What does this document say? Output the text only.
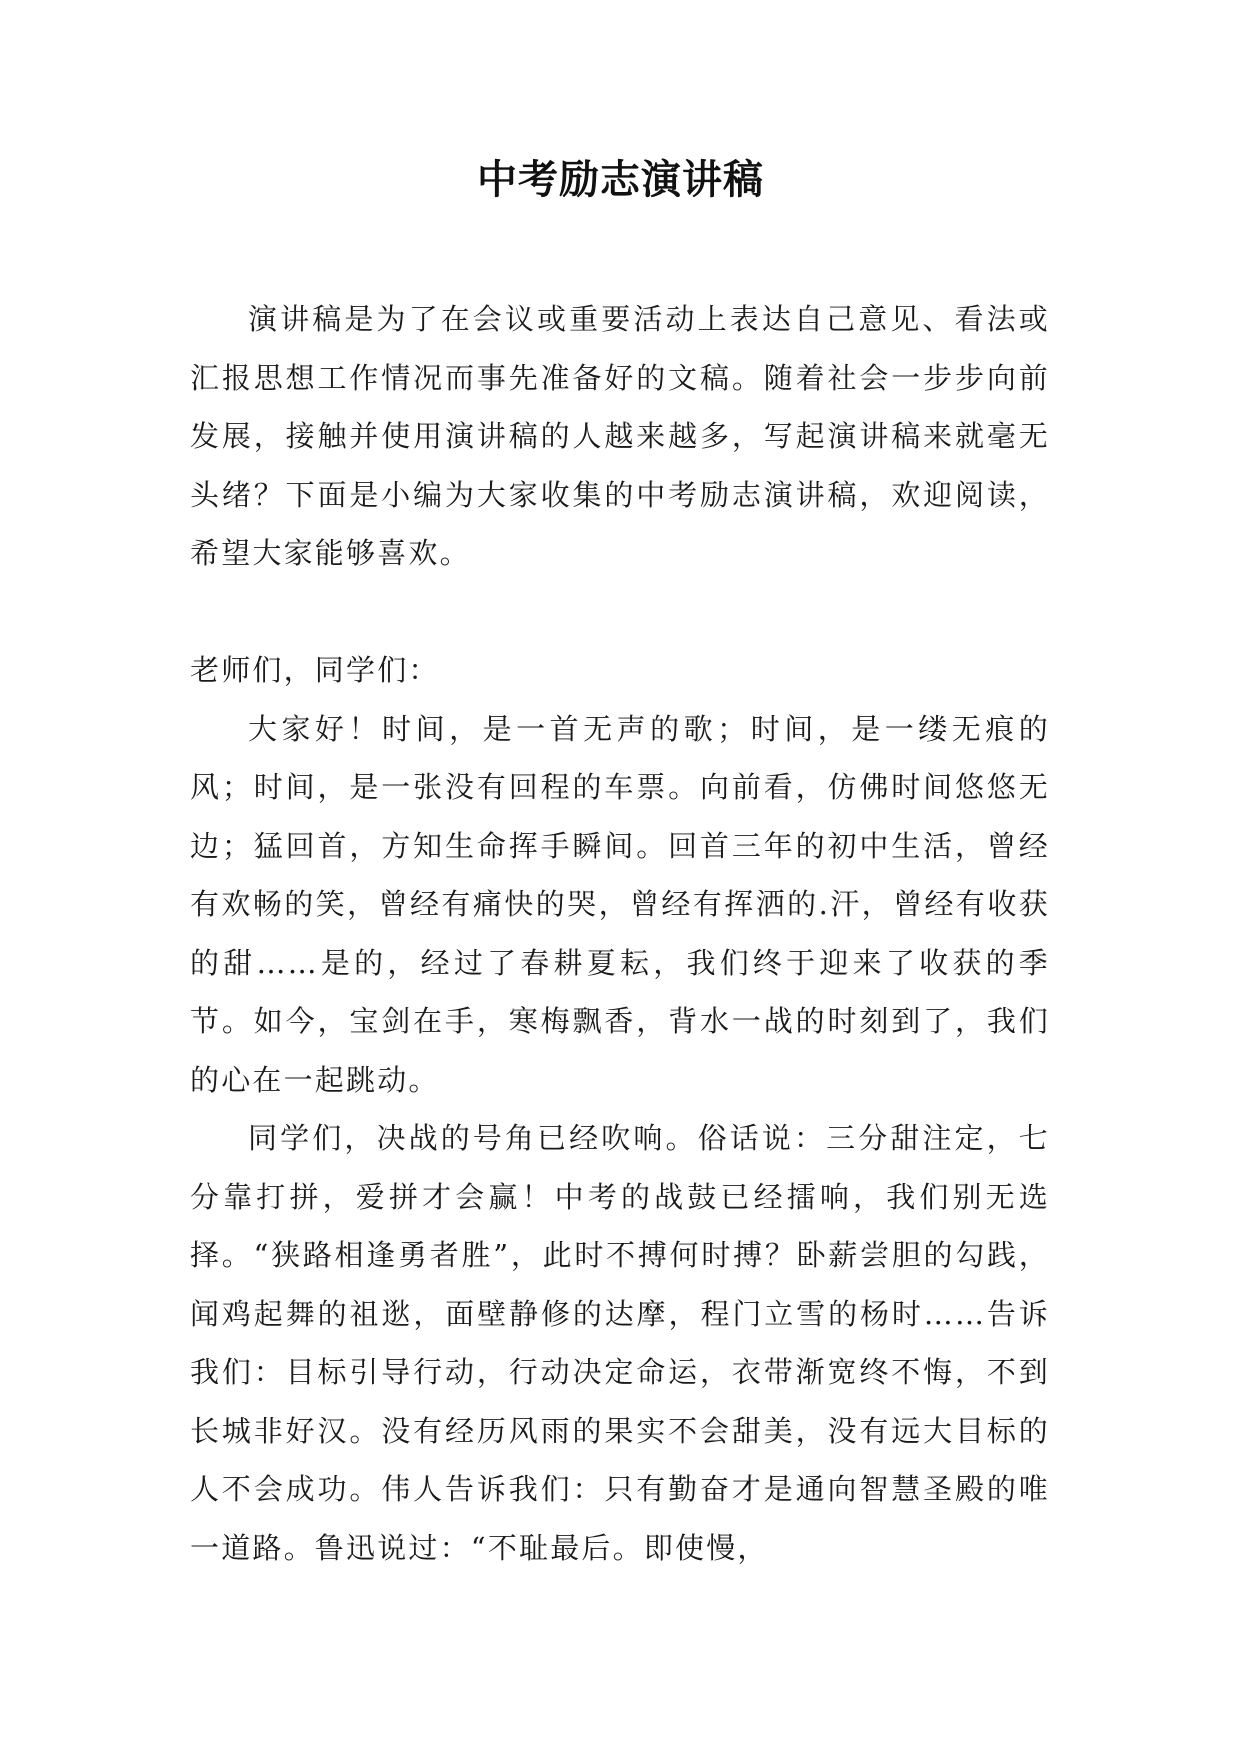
中考励志演讲稿

演讲稿是为了在会议或重要活动上表达自己意见、看法或汇报思想工作情况而事先准备好的文稿。随着社会一步步向前发展，接触并使用演讲稿的人越来越多，写起演讲稿来就毫无头绪？下面是小编为大家收集的中考励志演讲稿，欢迎阅读，希望大家能够喜欢。

老师们，同学们：

大家好！时间，是一首无声的歌；时间，是一缕无痕的风；时间，是一张没有回程的车票。向前看，仿佛时间悠悠无边；猛回首，方知生命挥手瞬间。回首三年的初中生活，曾经有欢畅的笑，曾经有痛快的哭，曾经有挥洒的.汗，曾经有收获的甜……是的，经过了春耕夏耘，我们终于迎来了收获的季节。如今，宝剑在手，寒梅飘香，背水一战的时刻到了，我们的心在一起跳动。

同学们，决战的号角已经吹响。俗话说：三分甜注定，七分靠打拼，爱拼才会赢！中考的战鼓已经擂响，我们别无选择。“狭路相逢勇者胜”，此时不搏何时搏？卧薪尝胆的勾践，闻鸡起舞的祖逖，面壁静修的达摩，程门立雪的杨时……告诉我们：目标引导行动，行动决定命运，衣带渐宽终不悔，不到长城非好汉。没有经历风雨的果实不会甜美，没有远大目标的人不会成功。伟人告诉我们：只有勤奋才是通向智慧圣殿的唯一道路。鲁迅说过：“不耻最后。即使慢，
